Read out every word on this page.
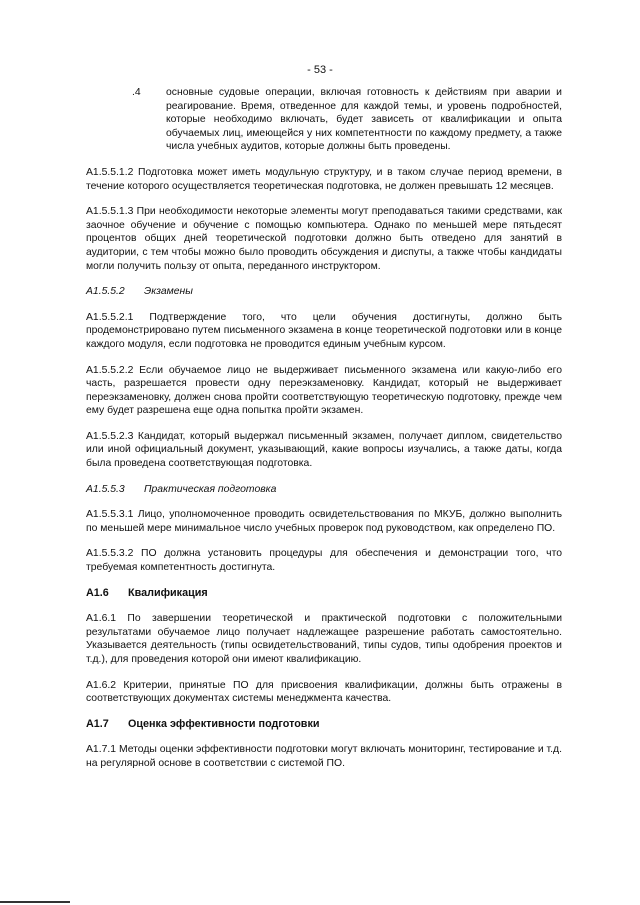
- 53 -
.4	основные судовые операции, включая готовность к действиям при аварии и реагирование. Время, отведенное для каждой темы, и уровень подробностей, которые необходимо включать, будет зависеть от квалификации и опыта обучаемых лиц, имеющейся у них компетентности по каждому предмету, а также числа учебных аудитов, которые должны быть проведены.

A1.5.5.1.2 Подготовка может иметь модульную структуру, и в таком случае период времени, в течение которого осуществляется теоретическая подготовка, не должен превышать 12 месяцев.

A1.5.5.1.3 При необходимости некоторые элементы могут преподаваться такими средствами, как заочное обучение и обучение с помощью компьютера. Однако по меньшей мере пятьдесят процентов общих дней теоретической подготовки должно быть отведено для занятий в аудитории, с тем чтобы можно было проводить обсуждения и диспуты, а также чтобы кандидаты могли получить пользу от опыта, переданного инструктором.

A1.5.5.2	Экзамены

A1.5.5.2.1 Подтверждение того, что цели обучения достигнуты, должно быть продемонстрировано путем письменного экзамена в конце теоретической подготовки или в конце каждого модуля, если подготовка не проводится единым учебным курсом.

A1.5.5.2.2 Если обучаемое лицо не выдерживает письменного экзамена или какую-либо его часть, разрешается провести одну переэкзаменовку. Кандидат, который не выдерживает переэкзаменовку, должен снова пройти соответствующую теоретическую подготовку, прежде чем ему будет разрешена еще одна попытка пройти экзамен.

A1.5.5.2.3 Кандидат, который выдержал письменный экзамен, получает диплом, свидетельство или иной официальный документ, указывающий, какие вопросы изучались, а также даты, когда была проведена соответствующая подготовка.

A1.5.5.3	Практическая подготовка

A1.5.5.3.1 Лицо, уполномоченное проводить освидетельствования по МКУБ, должно выполнить по меньшей мере минимальное число учебных проверок под руководством, как определено ПО.

A1.5.5.3.2 ПО должна установить процедуры для обеспечения и демонстрации того, что требуемая компетентность достигнута.

A1.6	Квалификация

A1.6.1 По завершении теоретической и практической подготовки с положительными результатами обучаемое лицо получает надлежащее разрешение работать самостоятельно. Указывается деятельность (типы освидетельствований, типы судов, типы одобрения проектов и т.д.), для проведения которой они имеют квалификацию.

A1.6.2 Критерии, принятые ПО для присвоения квалификации, должны быть отражены в соответствующих документах системы менеджмента качества.

A1.7	Оценка эффективности подготовки

A1.7.1 Методы оценки эффективности подготовки могут включать мониторинг, тестирование и т.д. на регулярной основе в соответствии с системой ПО.
